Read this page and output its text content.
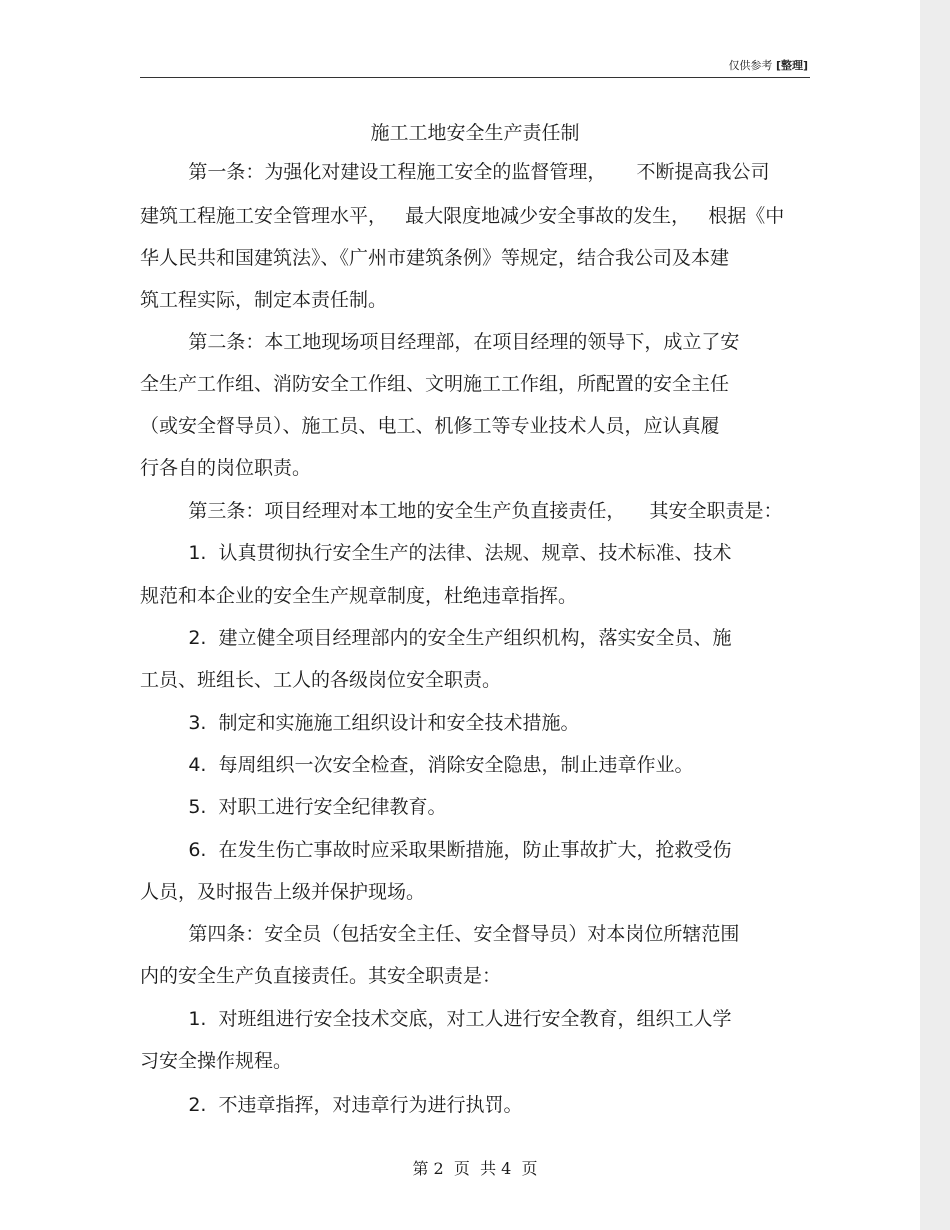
仅供参考 [整理]
施工工地安全生产责任制
第一条：为强化对建设工程施工安全的监督管理，     不断提高我公司
建筑工程施工安全管理水平，   最大限度地减少安全事故的发生，   根据《中
华人民共和国建筑法》、《广州市建筑条例》等规定，结合我公司及本建
筑工程实际，制定本责任制。
第二条：本工地现场项目经理部，在项目经理的领导下，成立了安
全生产工作组、消防安全工作组、文明施工工作组，所配置的安全主任
（或安全督导员）、施工员、电工、机修工等专业技术人员，应认真履
行各自的岗位职责。
第三条：项目经理对本工地的安全生产负直接责任，    其安全职责是：
1.  认真贯彻执行安全生产的法律、法规、规章、技术标准、技术
规范和本企业的安全生产规章制度，杜绝违章指挥。
2.  建立健全项目经理部内的安全生产组织机构，落实安全员、施
工员、班组长、工人的各级岗位安全职责。
3.  制定和实施施工组织设计和安全技术措施。
4.  每周组织一次安全检查，消除安全隐患，制止违章作业。
5.  对职工进行安全纪律教育。
6.  在发生伤亡事故时应采取果断措施，防止事故扩大，抢救受伤
人员，及时报告上级并保护现场。
第四条：安全员（包括安全主任、安全督导员）对本岗位所辖范围
内的安全生产负直接责任。其安全职责是：
1.  对班组进行安全技术交底，对工人进行安全教育，组织工人学
习安全操作规程。
2.  不违章指挥，对违章行为进行执罚。
第 2  页  共 4  页
